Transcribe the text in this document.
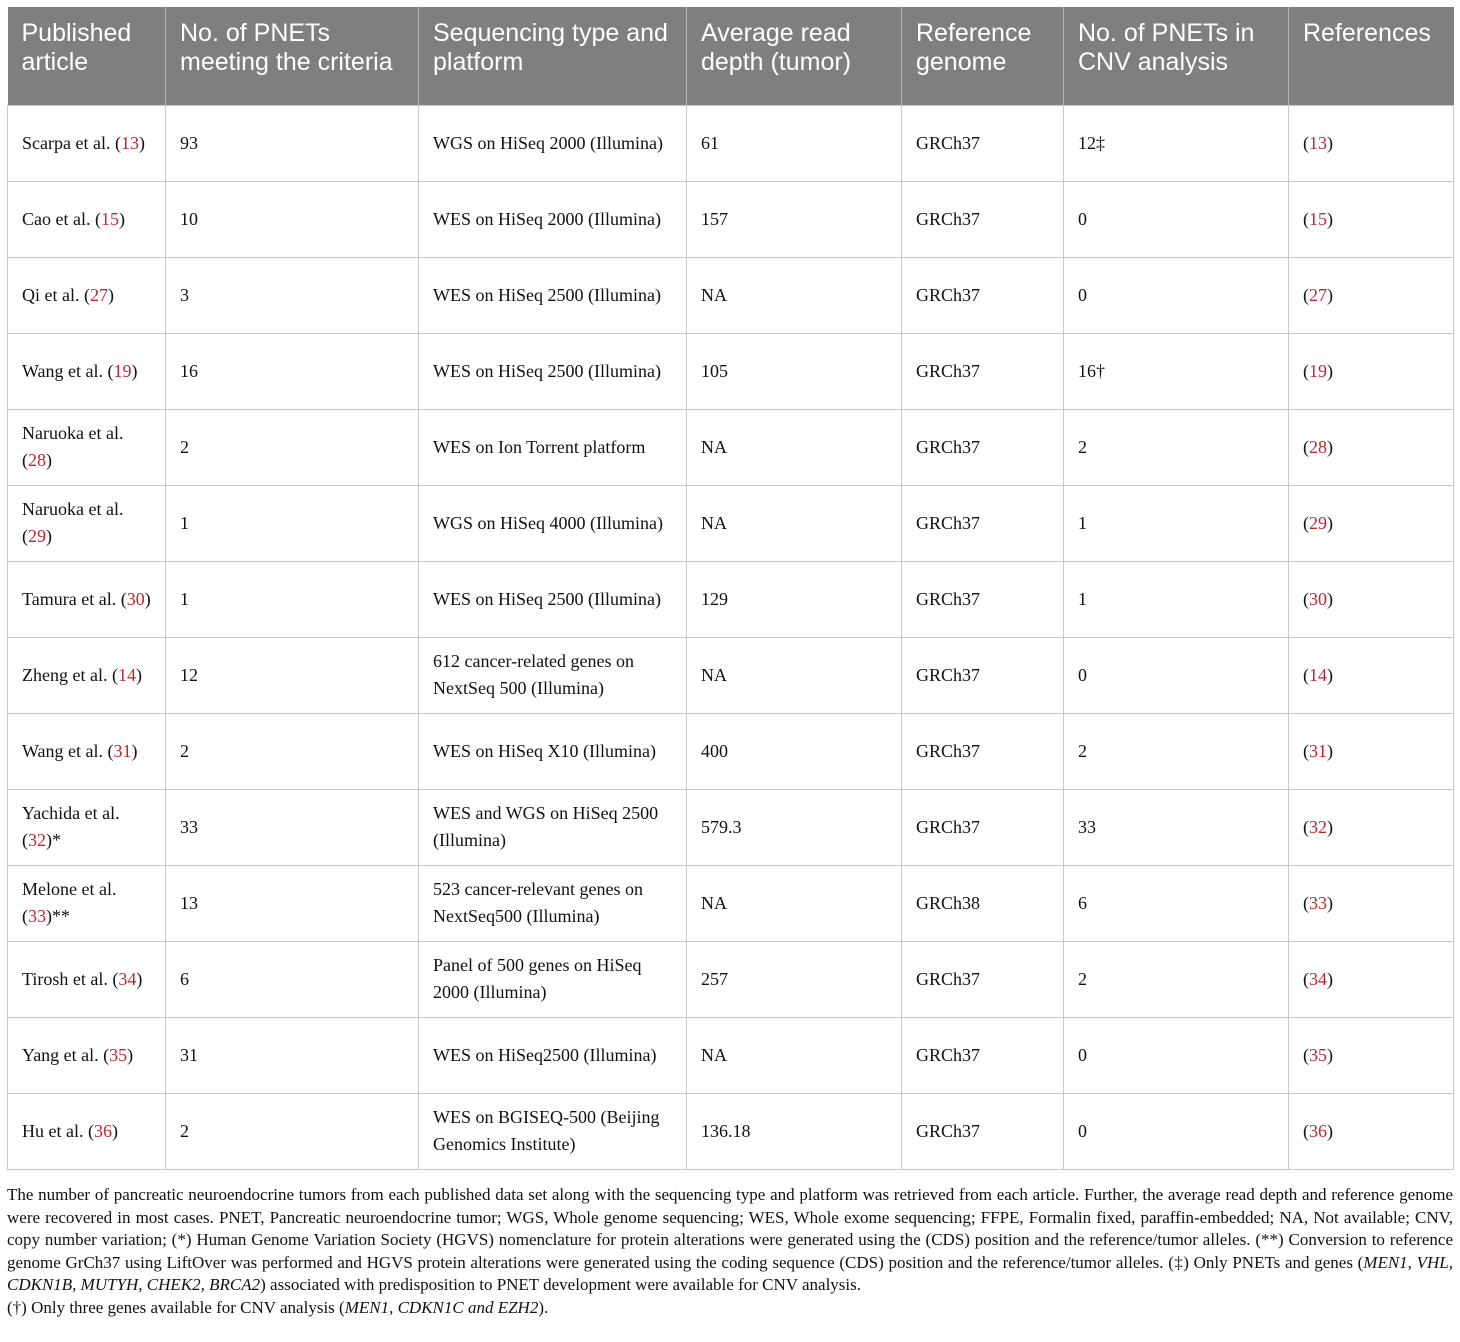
Published article	No. of PNETs meeting the criteria	Sequencing type and platform	Average read depth (tumor)	Reference genome	No. of PNETs in CNV analysis	References
Scarpa et al. (13)	93	WGS on HiSeq 2000 (Illumina)	61	GRCh37	12‡	(13)
Cao et al. (15)	10	WES on HiSeq 2000 (Illumina)	157	GRCh37	0	(15)
Qi et al. (27)	3	WES on HiSeq 2500 (Illumina)	NA	GRCh37	0	(27)
Wang et al. (19)	16	WES on HiSeq 2500 (Illumina)	105	GRCh37	16†	(19)
Naruoka et al. (28)	2	WES on Ion Torrent platform	NA	GRCh37	2	(28)
Naruoka et al. (29)	1	WGS on HiSeq 4000 (Illumina)	NA	GRCh37	1	(29)
Tamura et al. (30)	1	WES on HiSeq 2500 (Illumina)	129	GRCh37	1	(30)
Zheng et al. (14)	12	612 cancer-related genes on NextSeq 500 (Illumina)	NA	GRCh37	0	(14)
Wang et al. (31)	2	WES on HiSeq X10 (Illumina)	400	GRCh37	2	(31)
Yachida et al. (32)*	33	WES and WGS on HiSeq 2500 (Illumina)	579.3	GRCh37	33	(32)
Melone et al. (33)**	13	523 cancer-relevant genes on NextSeq500 (Illumina)	NA	GRCh38	6	(33)
Tirosh et al. (34)	6	Panel of 500 genes on HiSeq 2000 (Illumina)	257	GRCh37	2	(34)
Yang et al. (35)	31	WES on HiSeq2500 (Illumina)	NA	GRCh37	0	(35)
Hu et al. (36)	2	WES on BGISEQ-500 (Beijing Genomics Institute)	136.18	GRCh37	0	(36)
The number of pancreatic neuroendocrine tumors from each published data set along with the sequencing type and platform was retrieved from each article. Further, the average read depth and reference genome were recovered in most cases. PNET, Pancreatic neuroendocrine tumor; WGS, Whole genome sequencing; WES, Whole exome sequencing; FFPE, Formalin fixed, paraffin-embedded; NA, Not available; CNV, copy number variation; (*) Human Genome Variation Society (HGVS) nomenclature for protein alterations were generated using the (CDS) position and the reference/tumor alleles. (**) Conversion to reference genome GrCh37 using LiftOver was performed and HGVS protein alterations were generated using the coding sequence (CDS) position and the reference/tumor alleles. (‡) Only PNETs and genes (MEN1, VHL, CDKN1B, MUTYH, CHEK2, BRCA2) associated with predisposition to PNET development were available for CNV analysis.
(†) Only three genes available for CNV analysis (MEN1, CDKN1C and EZH2).
